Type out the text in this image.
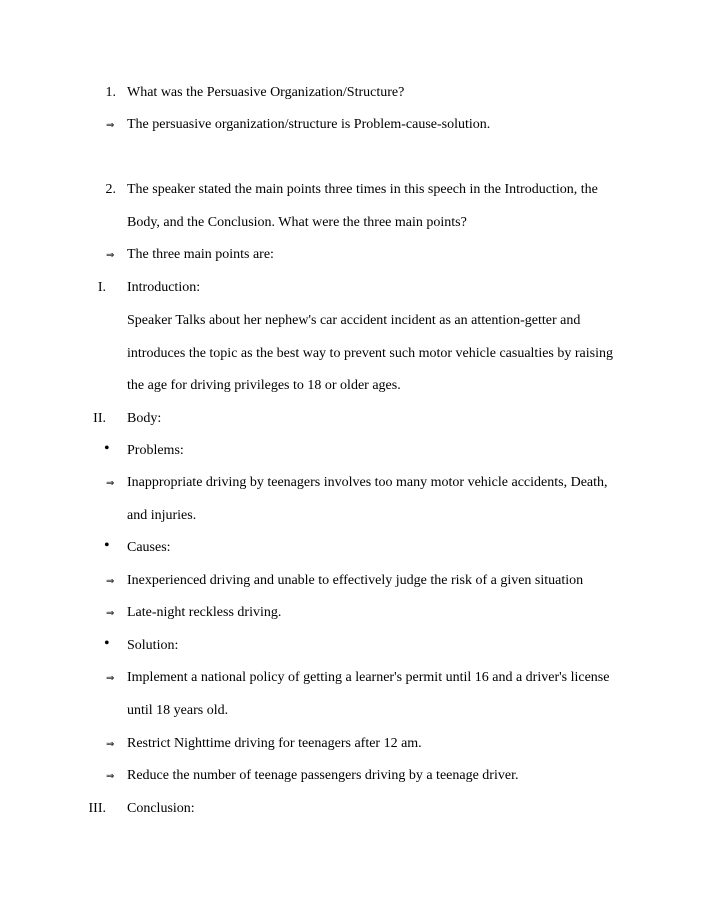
1. What was the Persuasive Organization/Structure?
⇒ The persuasive organization/structure is Problem-cause-solution.
2. The speaker stated the main points three times in this speech in the Introduction, the
Body, and the Conclusion. What were the three main points?
⇒ The three main points are:
I. Introduction:
Speaker Talks about her nephew's car accident incident as an attention-getter and
introduces the topic as the best way to prevent such motor vehicle casualties by raising
the age for driving privileges to 18 or older ages.
II. Body:
• Problems:
⇒ Inappropriate driving by teenagers involves too many motor vehicle accidents, Death,
and injuries.
• Causes:
⇒ Inexperienced driving and unable to effectively judge the risk of a given situation
⇒ Late-night reckless driving.
• Solution:
⇒ Implement a national policy of getting a learner's permit until 16 and a driver's license
until 18 years old.
⇒ Restrict Nighttime driving for teenagers after 12 am.
⇒ Reduce the number of teenage passengers driving by a teenage driver.
III. Conclusion:
